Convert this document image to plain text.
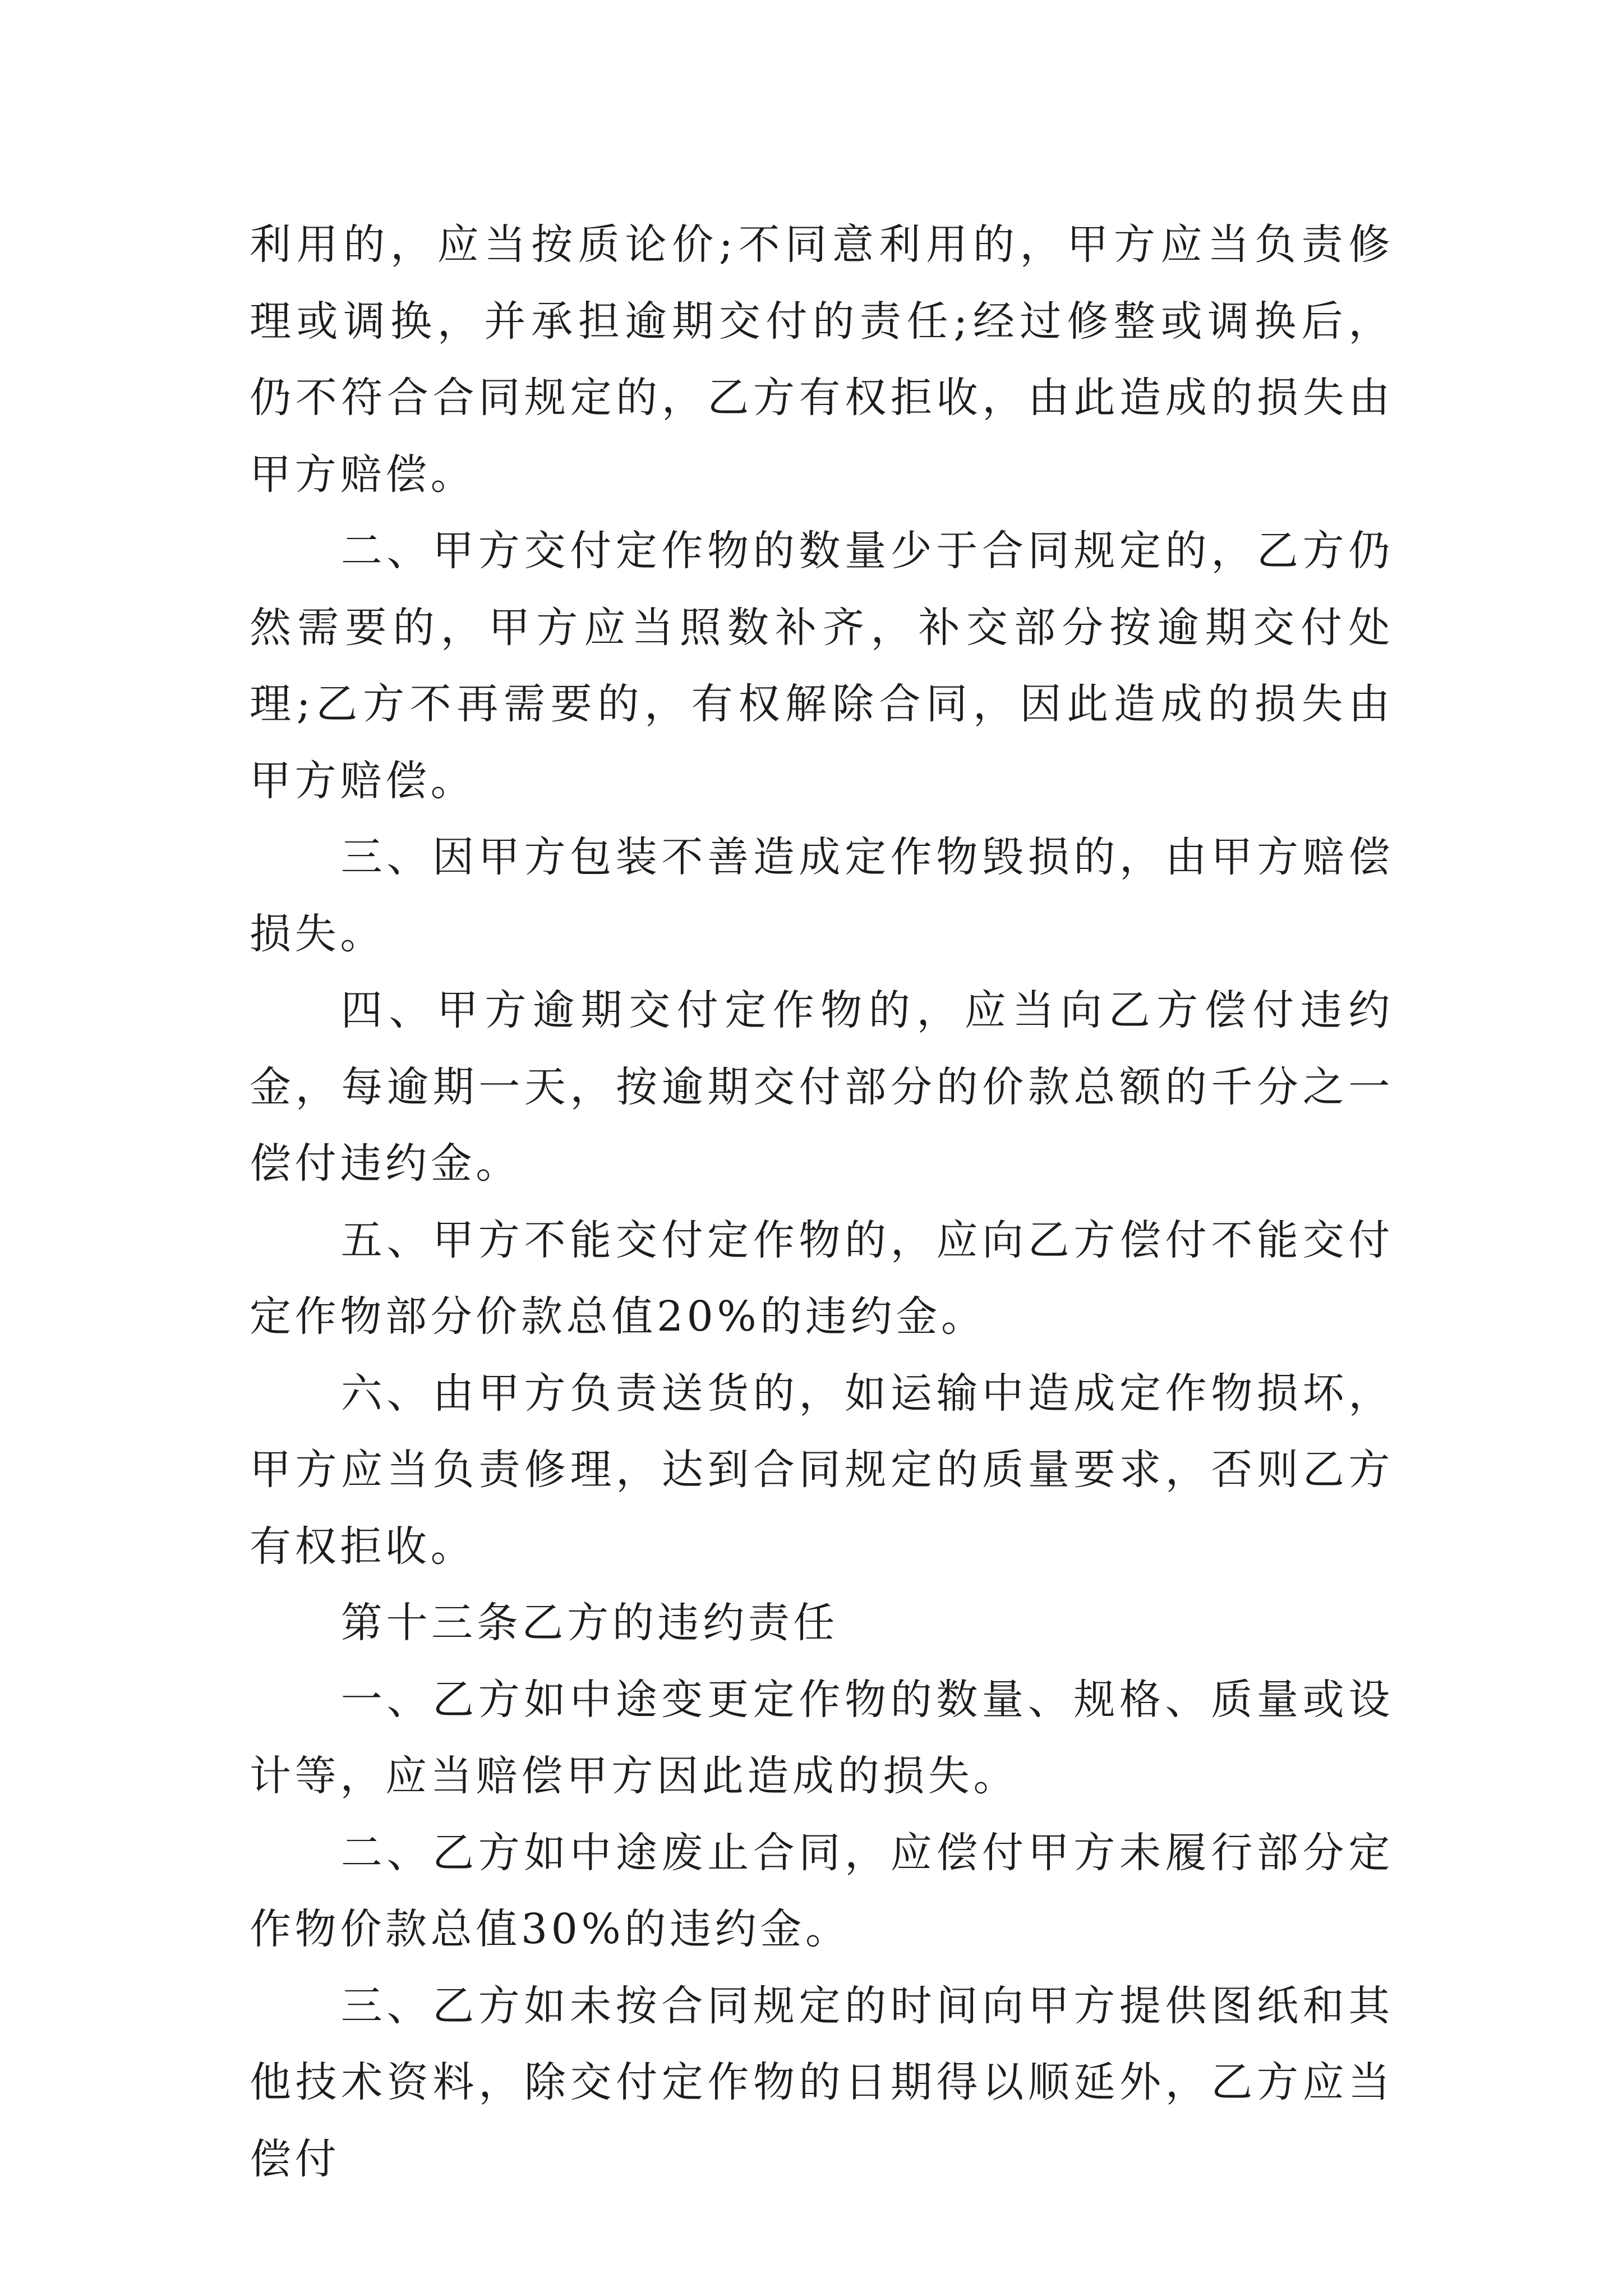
利用的，应当按质论价;不同意利用的，甲方应当负责修理或调换，并承担逾期交付的责任;经过修整或调换后，仍不符合合同规定的，乙方有权拒收，由此造成的损失由甲方赔偿。

二、甲方交付定作物的数量少于合同规定的，乙方仍然需要的，甲方应当照数补齐，补交部分按逾期交付处理;乙方不再需要的，有权解除合同，因此造成的损失由甲方赔偿。

三、因甲方包装不善造成定作物毁损的，由甲方赔偿损失。

四、甲方逾期交付定作物的，应当向乙方偿付违约金，每逾期一天，按逾期交付部分的价款总额的千分之一偿付违约金。

五、甲方不能交付定作物的，应向乙方偿付不能交付定作物部分价款总值20%的违约金。

六、由甲方负责送货的，如运输中造成定作物损坏，甲方应当负责修理，达到合同规定的质量要求，否则乙方有权拒收。

第十三条乙方的违约责任

一、乙方如中途变更定作物的数量、规格、质量或设计等，应当赔偿甲方因此造成的损失。

二、乙方如中途废止合同，应偿付甲方未履行部分定作物价款总值30%的违约金。

三、乙方如未按合同规定的时间向甲方提供图纸和其他技术资料，除交付定作物的日期得以顺延外，乙方应当偿付
